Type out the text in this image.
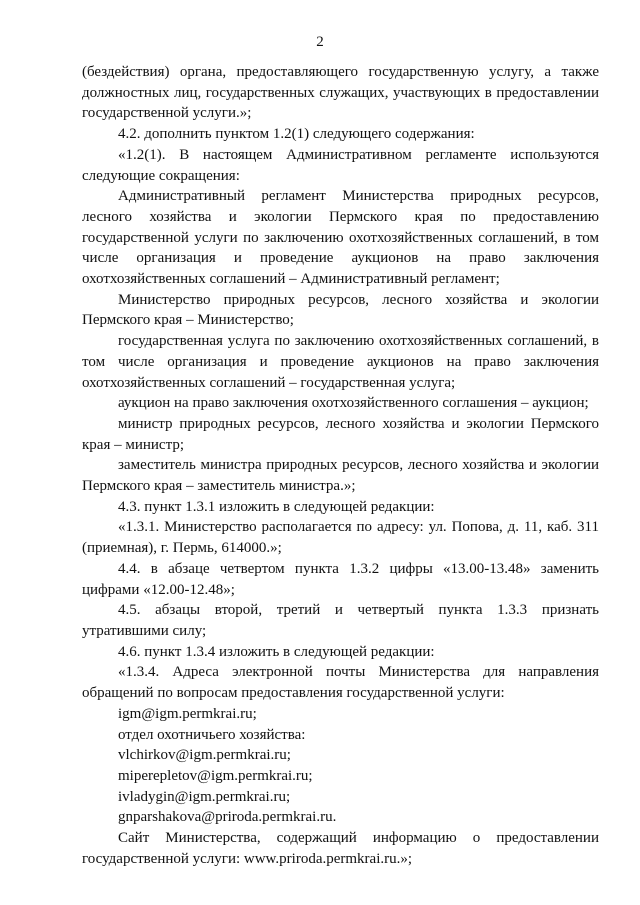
2

(бездействия) органа, предоставляющего государственную услугу, а также должностных лиц, государственных служащих, участвующих в предоставлении государственной услуги.»;

4.2. дополнить пунктом 1.2(1) следующего содержания:

«1.2(1). В настоящем Административном регламенте используются следующие сокращения:

Административный регламент Министерства природных ресурсов, лесного хозяйства и экологии Пермского края по предоставлению государственной услуги по заключению охотхозяйственных соглашений, в том числе организация и проведение аукционов на право заключения охотхозяйственных соглашений – Административный регламент;

Министерство природных ресурсов, лесного хозяйства и экологии Пермского края – Министерство;

государственная услуга по заключению охотхозяйственных соглашений, в том числе организация и проведение аукционов на право заключения охотхозяйственных соглашений – государственная услуга;

аукцион на право заключения охотхозяйственного соглашения – аукцион;

министр природных ресурсов, лесного хозяйства и экологии Пермского края – министр;

заместитель министра природных ресурсов, лесного хозяйства и экологии Пермского края – заместитель министра.»;

4.3. пункт 1.3.1 изложить в следующей редакции:

«1.3.1. Министерство располагается по адресу: ул. Попова, д. 11, каб. 311 (приемная), г. Пермь, 614000.»;

4.4. в абзаце четвертом пункта 1.3.2 цифры «13.00-13.48» заменить цифрами «12.00-12.48»;

4.5. абзацы второй, третий и четвертый пункта 1.3.3 признать утратившими силу;

4.6. пункт 1.3.4 изложить в следующей редакции:

«1.3.4. Адреса электронной почты Министерства для направления обращений по вопросам предоставления государственной услуги:

igm@igm.permkrai.ru;

отдел охотничьего хозяйства:

vlchirkov@igm.permkrai.ru;

miperepletov@igm.permkrai.ru;

ivladygin@igm.permkrai.ru;

gnparshakova@priroda.permkrai.ru.

Сайт Министерства, содержащий информацию о предоставлении государственной услуги: www.priroda.permkrai.ru.»;
